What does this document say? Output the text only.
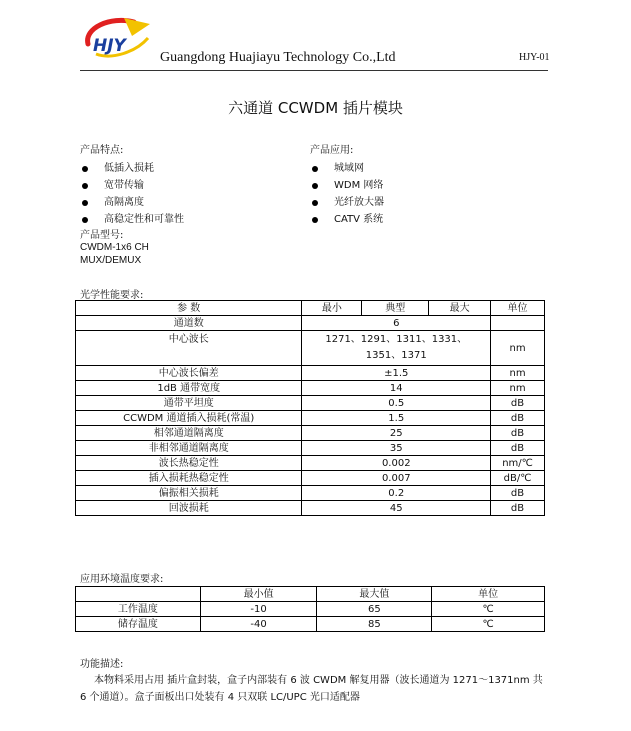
HJY
Guangdong Huajiayu Technology Co.,Ltd	HJY-01
六通道 CCWDM 插片模块
产品特点:
低插入损耗
宽带传输
高隔离度
高稳定性和可靠性
产品应用:
城域网
WDM 网络
光纤放大器
CATV 系统
产品型号:
CWDM-1x6 CH
MUX/DEMUX
光学性能要求:
参 数	最小	典型	最大	单位
通道数	6			
中心波长	1271、1291、1311、1331、1351、1371			nm
中心波长偏差	±1.5			nm
1dB 通带宽度	14			nm
通带平坦度	0.5			dB
CCWDM 通道插入损耗(常温)	1.5			dB
相邻通道隔离度	25			dB
非相邻通道隔离度	35			dB
波长热稳定性	0.002			nm/℃
插入损耗热稳定性	0.007			dB/℃
偏振相关损耗	0.2			dB
回波损耗	45			dB
应用环境温度要求:
	最小值	最大值	单位
工作温度	-10	65	℃
储存温度	-40	85	℃
功能描述:
本物料采用占用 插片盒封装，盒子内部装有 6 波 CWDM 解复用器（波长通道为 1271～1371nm 共 6 个通道）。盒子面板出口处装有 4 只双联 LC/UPC 光口适配器
